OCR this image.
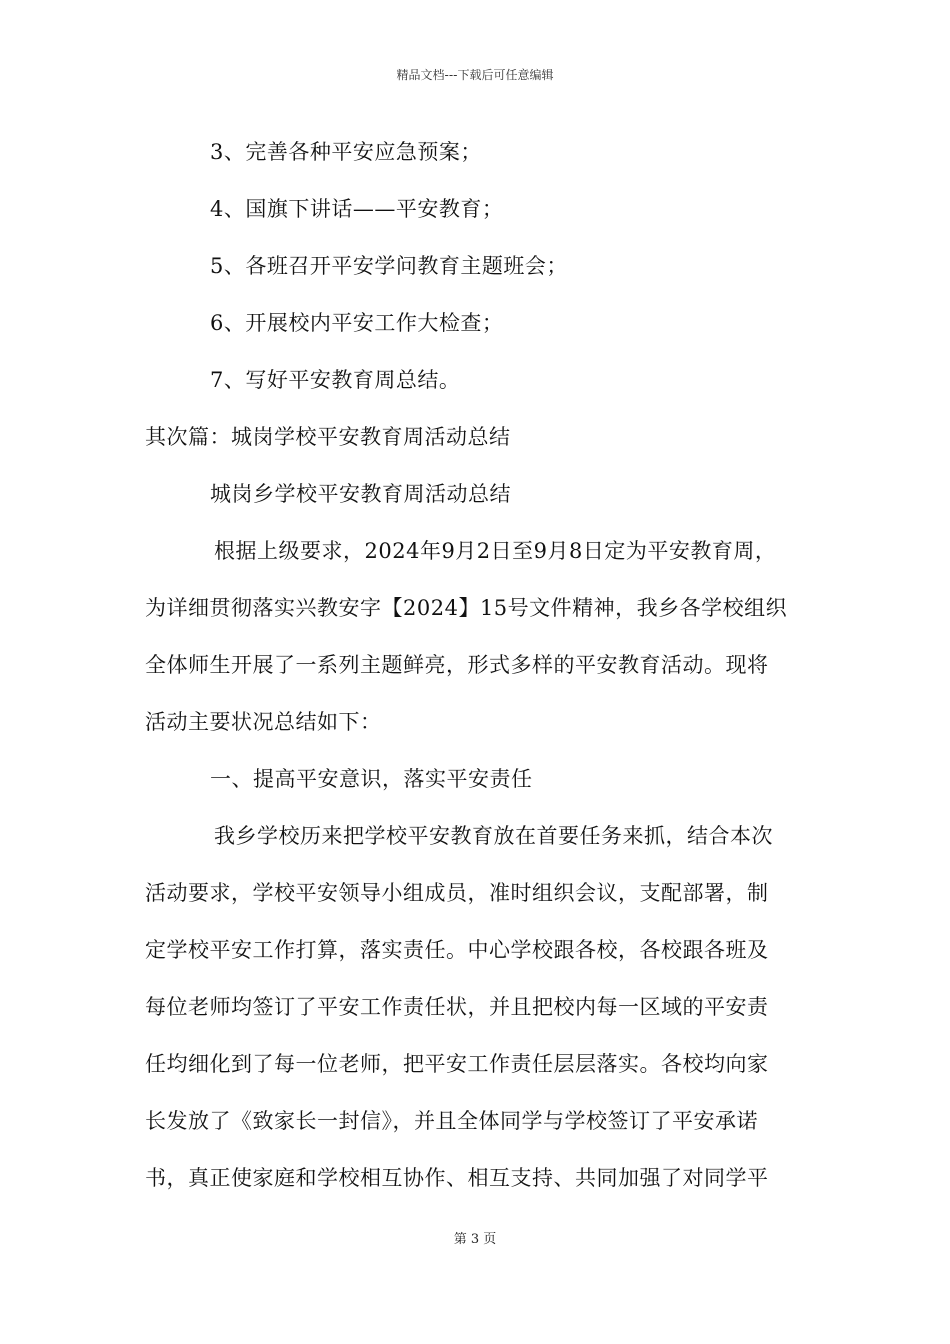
精品文档---下载后可任意编辑
3、完善各种平安应急预案；
4、国旗下讲话——平安教育；
5、各班召开平安学问教育主题班会；
6、开展校内平安工作大检查；
7、写好平安教育周总结。
其次篇：城岗学校平安教育周活动总结
城岗乡学校平安教育周活动总结
根据上级要求，2024年9月2日至9月8日定为平安教育周，
为详细贯彻落实兴教安字【2024】15号文件精神，我乡各学校组织
全体师生开展了一系列主题鲜亮，形式多样的平安教育活动。现将
活动主要状况总结如下：
一、提高平安意识，落实平安责任
我乡学校历来把学校平安教育放在首要任务来抓，结合本次
活动要求，学校平安领导小组成员，准时组织会议，支配部署，制
定学校平安工作打算，落实责任。中心学校跟各校，各校跟各班及
每位老师均签订了平安工作责任状，并且把校内每一区域的平安责
任均细化到了每一位老师，把平安工作责任层层落实。各校均向家
长发放了《致家长一封信》，并且全体同学与学校签订了平安承诺
书，真正使家庭和学校相互协作、相互支持、共同加强了对同学平
第 3 页
